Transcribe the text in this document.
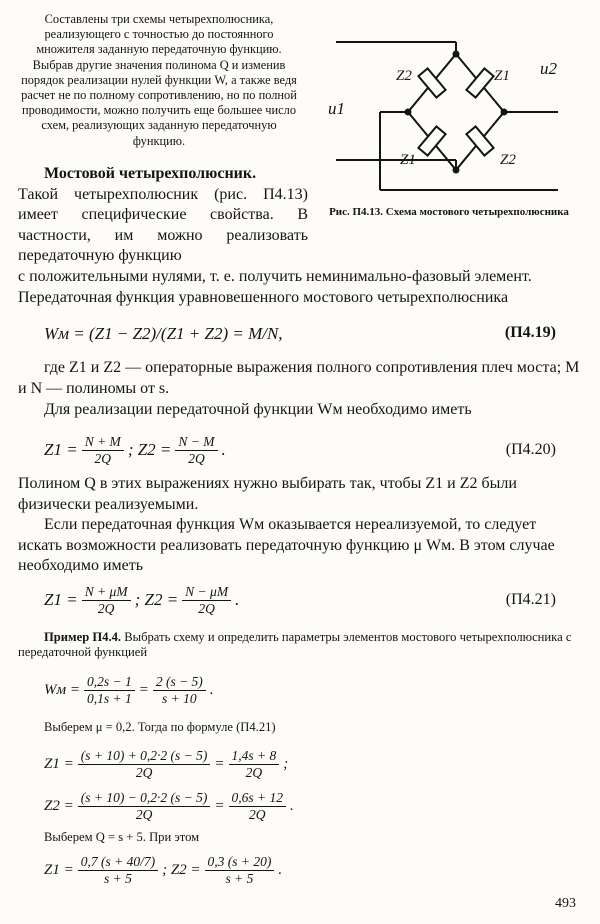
Составлены три схемы четырехполюсника, реализующего с точностью до постоянного множителя заданную передаточную функцию. Выбрав другие значения полинома Q и изменив порядок реализации нулей функции W, а также ведя расчет не по полному сопротивлению, но по полной проводимости, можно получить еще большее число схем, реализующих заданную передаточную функцию.
Z2	Z1
Z1	Z2
u1
u2
Рис. П4.13. Схема мостового четырехполюсника
Мостовой четырехполюсник.
Такой четырехполюсник (рис. П4.13) имеет специфические свойства. В частности, им можно реализовать передаточную функцию
с положительными нулями, т. е. получить неминимально-фазовый элемент. Передаточная функция уравновешенного мостового четырехполюсника
Wм = (Z1 − Z2)/(Z1 + Z2) = M/N,	(П4.19)
где Z1 и Z2 — операторные выражения полного сопротивления плеч моста; M и N — полиномы от s.
Для реализации передаточной функции Wм необходимо иметь
$Z1 = \frac{N + M}{2Q}$ ; $Z2 = \frac{N - M}{2Q}$ .	(П4.20)
Полином Q в этих выражениях нужно выбирать так, чтобы Z1 и Z2 были физически реализуемыми.
Если передаточная функция Wм оказывается нереализуемой, то следует искать возможности реализовать передаточную функцию μ Wм. В этом случае необходимо иметь
$Z1 = \frac{N + \mu M}{2Q}$ ; $Z2 = \frac{N - \mu M}{2Q}$ .	(П4.21)
Пример П4.4. Выбрать схему и определить параметры элементов мостового четырехполюсника с передаточной функцией
Wм = $\frac{0,2s - 1}{0,1s + 1} = \frac{2 (s - 5)}{s + 10}$ .
Выберем μ = 0,2. Тогда по формуле (П4.21)
$Z1 = \frac{(s + 10) + 0,2\cdot 2 (s - 5)}{2Q} = \frac{1,4s + 8}{2Q}$ ;
$Z2 = \frac{(s + 10) - 0,2\cdot 2 (s - 5)}{2Q} = \frac{0,6s + 12}{2Q}$ .
Выберем Q = s + 5. При этом
$Z1 = \frac{0,7 (s + 40/7)}{s + 5}$ ; $Z2 = \frac{0,3 (s + 20)}{s + 5}$ .
493
